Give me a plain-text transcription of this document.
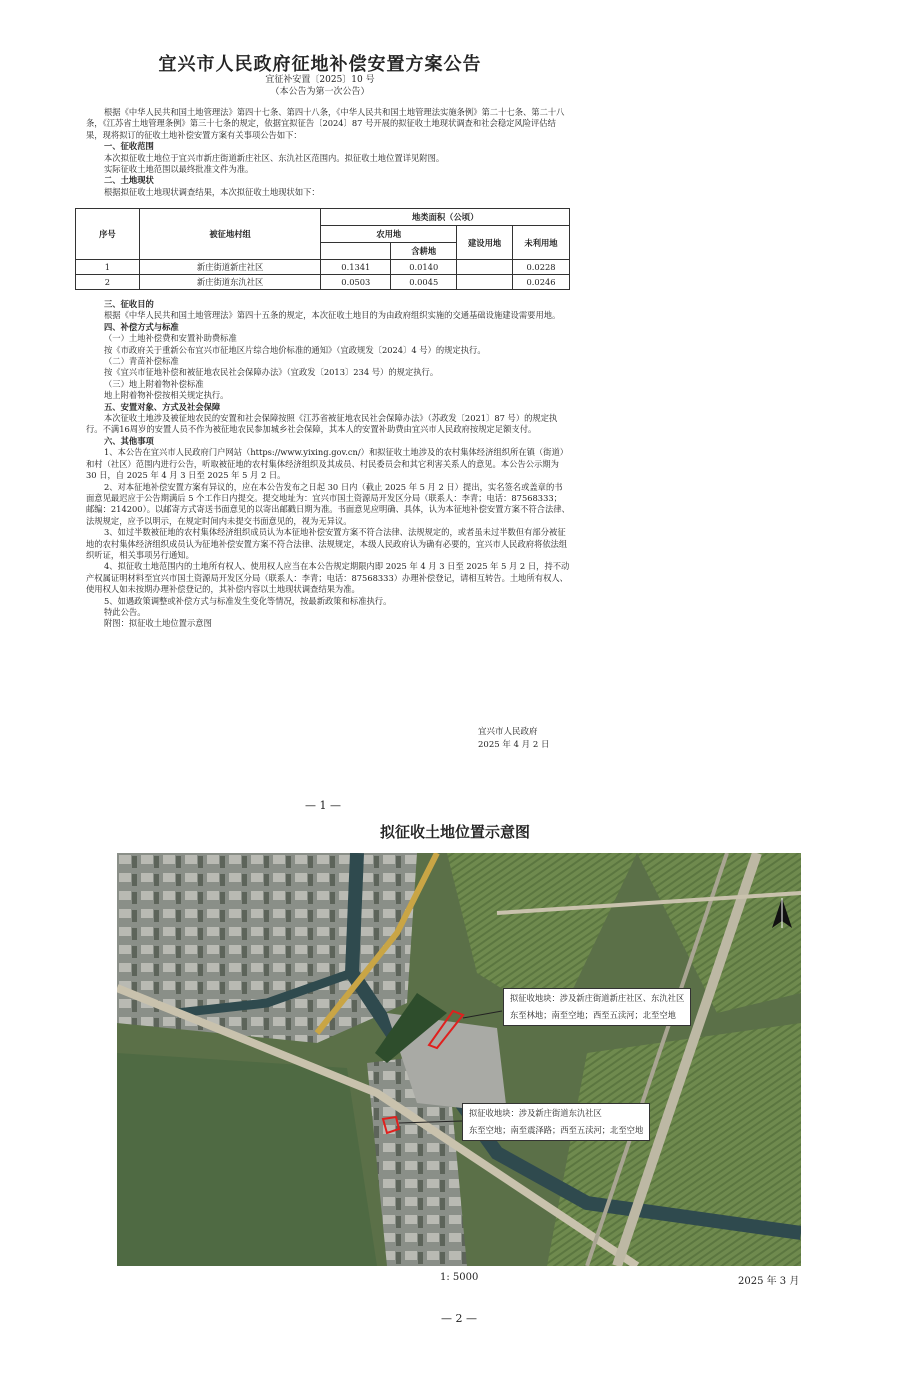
宜兴市人民政府征地补偿安置方案公告
宜征补安置〔2025〕10 号
（本公告为第一次公告）

根据《中华人民共和国土地管理法》第四十七条、第四十八条，《中华人民共和国土地管理法实施条例》第二十七条、第二十八条，《江苏省土地管理条例》第三十七条的规定，依据宜拟征告〔2024〕87 号开展的拟征收土地现状调查和社会稳定风险评估结果，现将拟订的征收土地补偿安置方案有关事项公告如下：

一、征收范围

本次拟征收土地位于宜兴市新庄街道新庄社区、东氿社区范围内。拟征收土地位置详见附图。

实际征收土地范围以最终批准文件为准。

二、土地现状

根据拟征收土地现状调查结果，本次拟征收土地现状如下：

序号	被征地村组	地类面积（公顷）			
		农用地		建设用地	未利用地
			含耕地		
1	新庄街道新庄社区	0.1341	0.0140		0.0228
2	新庄街道东氿社区	0.0503	0.0045		0.0246

三、征收目的

根据《中华人民共和国土地管理法》第四十五条的规定，本次征收土地目的为由政府组织实施的交通基础设施建设需要用地。

四、补偿方式与标准

（一）土地补偿费和安置补助费标准

按《市政府关于重新公布宜兴市征地区片综合地价标准的通知》（宜政规发〔2024〕4 号）的规定执行。

（二）青苗补偿标准

按《宜兴市征地补偿和被征地农民社会保障办法》（宜政发〔2013〕234 号）的规定执行。

（三）地上附着物补偿标准

地上附着物补偿按相关规定执行。

五、安置对象、方式及社会保障

本次征收土地涉及被征地农民的安置和社会保障按照《江苏省被征地农民社会保障办法》（苏政发〔2021〕87 号）的规定执行。不满16周岁的安置人员不作为被征地农民参加城乡社会保障，其本人的安置补助费由宜兴市人民政府按规定足额支付。

六、其他事项

1、本公告在宜兴市人民政府门户网站（https://www.yixing.gov.cn/）和拟征收土地涉及的农村集体经济组织所在镇（街道）和村（社区）范围内进行公告，听取被征地的农村集体经济组织及其成员、村民委员会和其它利害关系人的意见。本公告公示期为 30 日，自 2025 年 4 月 3 日至 2025 年 5 月 2 日。

2、对本征地补偿安置方案有异议的，应在本公告发布之日起 30 日内（截止 2025 年 5 月 2 日）提出，实名签名或盖章的书面意见最迟应于公告期满后 5 个工作日内提交。提交地址为：宜兴市国土资源局开发区分局（联系人：李青；电话：87568333；邮编：214200）。以邮寄方式寄送书面意见的以寄出邮戳日期为准。书面意见应明确、具体，认为本征地补偿安置方案不符合法律、法规规定，应予以明示，在规定时间内未提交书面意见的，视为无异议。

3、如过半数被征地的农村集体经济组织成员认为本征地补偿安置方案不符合法律、法规规定的，或者虽未过半数但有部分被征地的农村集体经济组织成员认为征地补偿安置方案不符合法律、法规规定，本级人民政府认为确有必要的，宜兴市人民政府将依法组织听证，相关事项另行通知。

4、拟征收土地范围内的土地所有权人、使用权人应当在本公告规定期限内即 2025 年 4 月 3 日至 2025 年 5 月 2 日，持不动产权属证明材料至宜兴市国土资源局开发区分局（联系人：李青；电话：87568333）办理补偿登记，请相互转告。土地所有权人、使用权人如未按期办理补偿登记的，其补偿内容以土地现状调查结果为准。

5、如遇政策调整或补偿方式与标准发生变化等情况，按最新政策和标准执行。

特此公告。

附图：拟征收土地位置示意图

宜兴市人民政府
2025 年 4 月 2 日
— 1 —
拟征收土地位置示意图
拟征收地块：涉及新庄街道新庄社区、东氿社区
东至林地；南至空地；西至五渎河；北至空地
拟征收地块：涉及新庄街道东氿社区
东至空地；南至震泽路；西至五渎河；北至空地
1: 5000	2025 年 3 月
— 2 —
